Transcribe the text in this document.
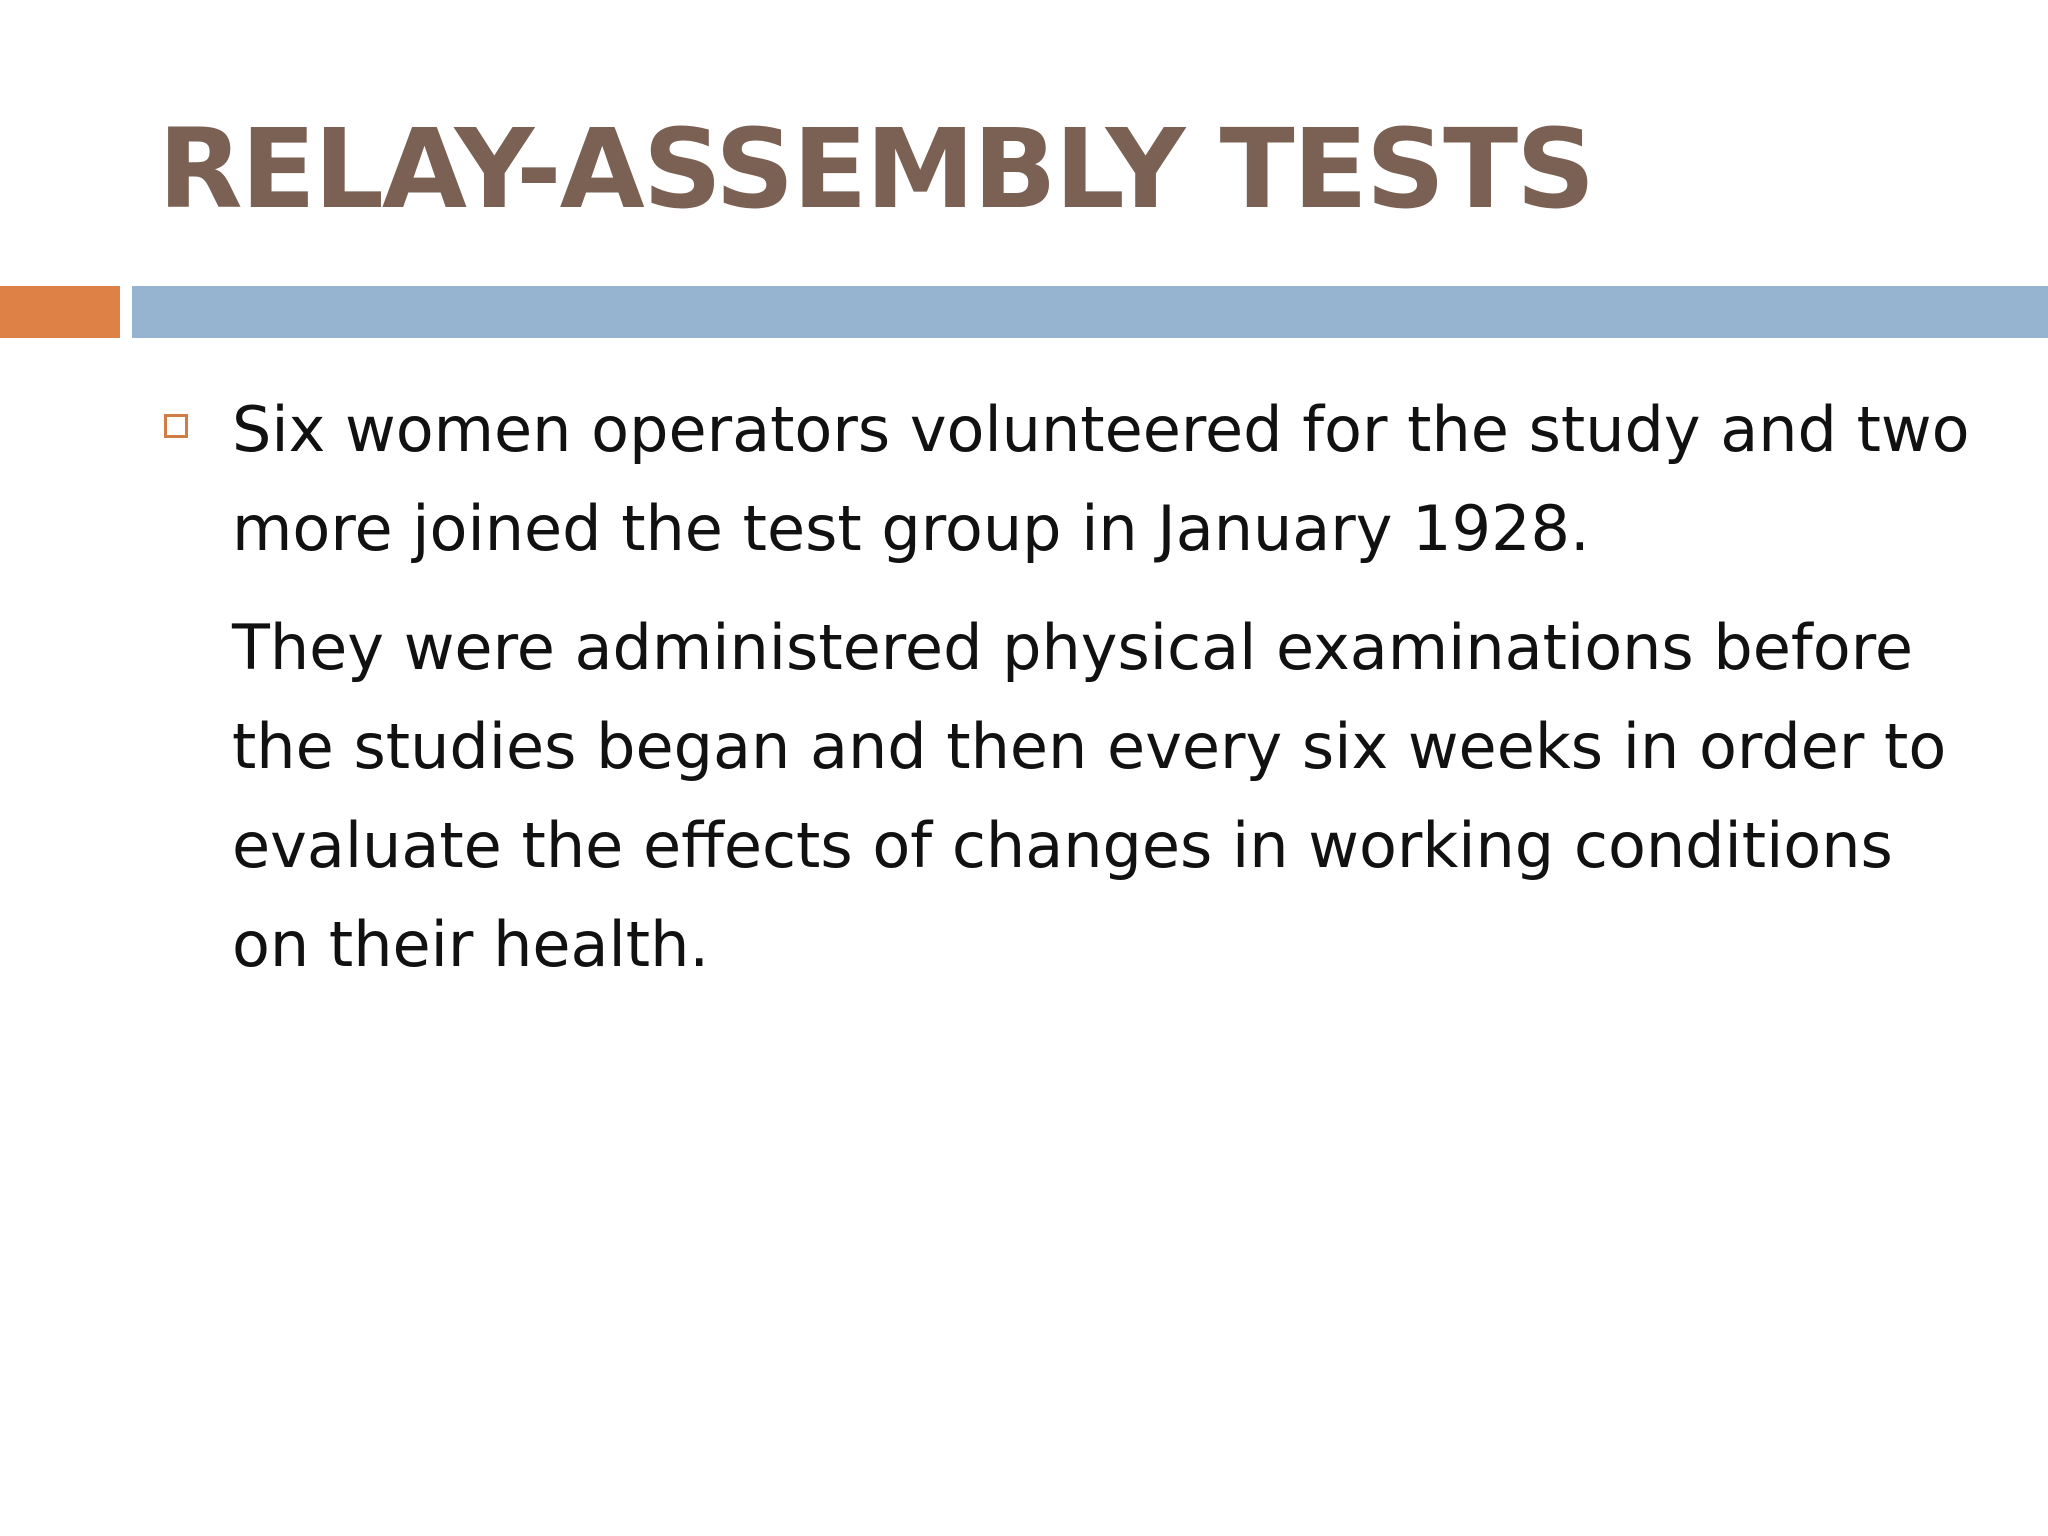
RELAY-ASSEMBLY TESTS

Six women operators volunteered for the study and two more joined the test group in January 1928.

They were administered physical examinations before the studies began and then every six weeks in order to evaluate the effects of changes in working conditions on their health.
